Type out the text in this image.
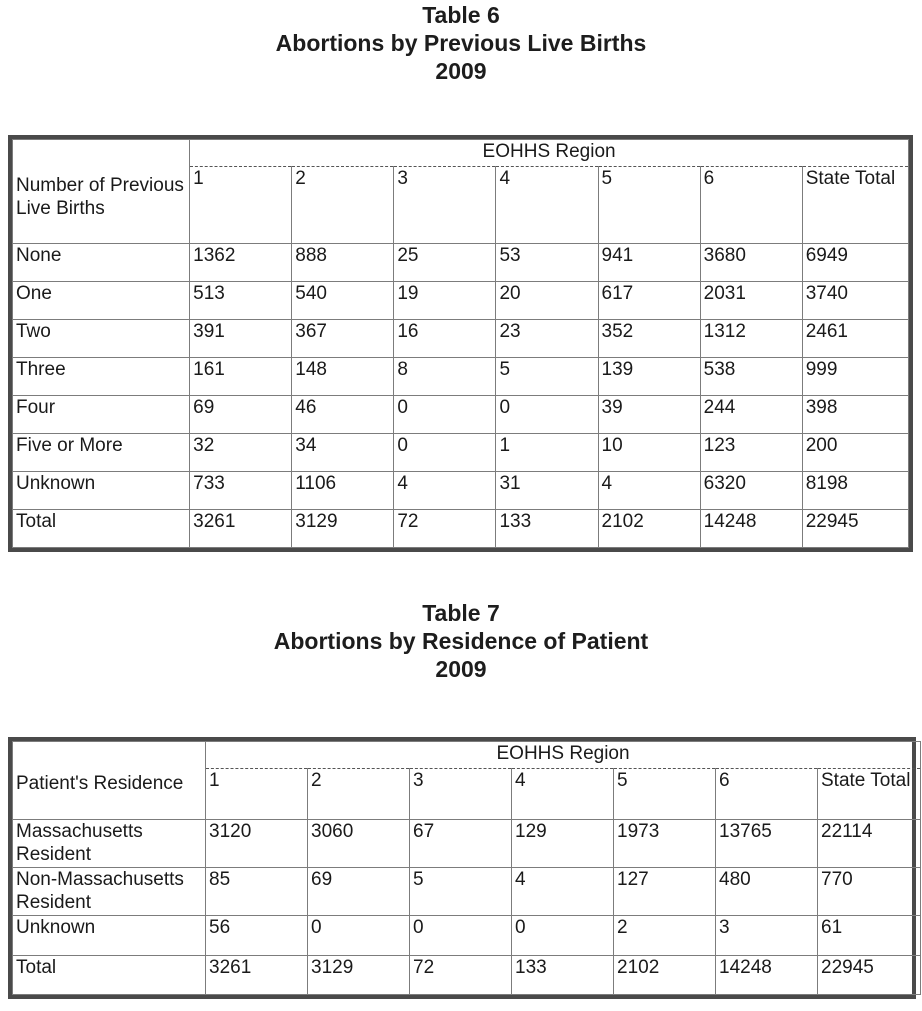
Table 6
Abortions by Previous Live Births
2009
Number of Previous Live Births	EOHHS Region						
	1	2	3	4	5	6	State Total
None	1362	888	25	53	941	3680	6949
One	513	540	19	20	617	2031	3740
Two	391	367	16	23	352	1312	2461
Three	161	148	8	5	139	538	999
Four	69	46	0	0	39	244	398
Five or More	32	34	0	1	10	123	200
Unknown	733	1106	4	31	4	6320	8198
Total	3261	3129	72	133	2102	14248	22945
Table 7
Abortions by Residence of Patient
2009
Patient's Residence	EOHHS Region						
	1	2	3	4	5	6	State Total
Massachusetts Resident	3120	3060	67	129	1973	13765	22114
Non-Massachusetts Resident	85	69	5	4	127	480	770
Unknown	56	0	0	0	2	3	61
Total	3261	3129	72	133	2102	14248	22945
